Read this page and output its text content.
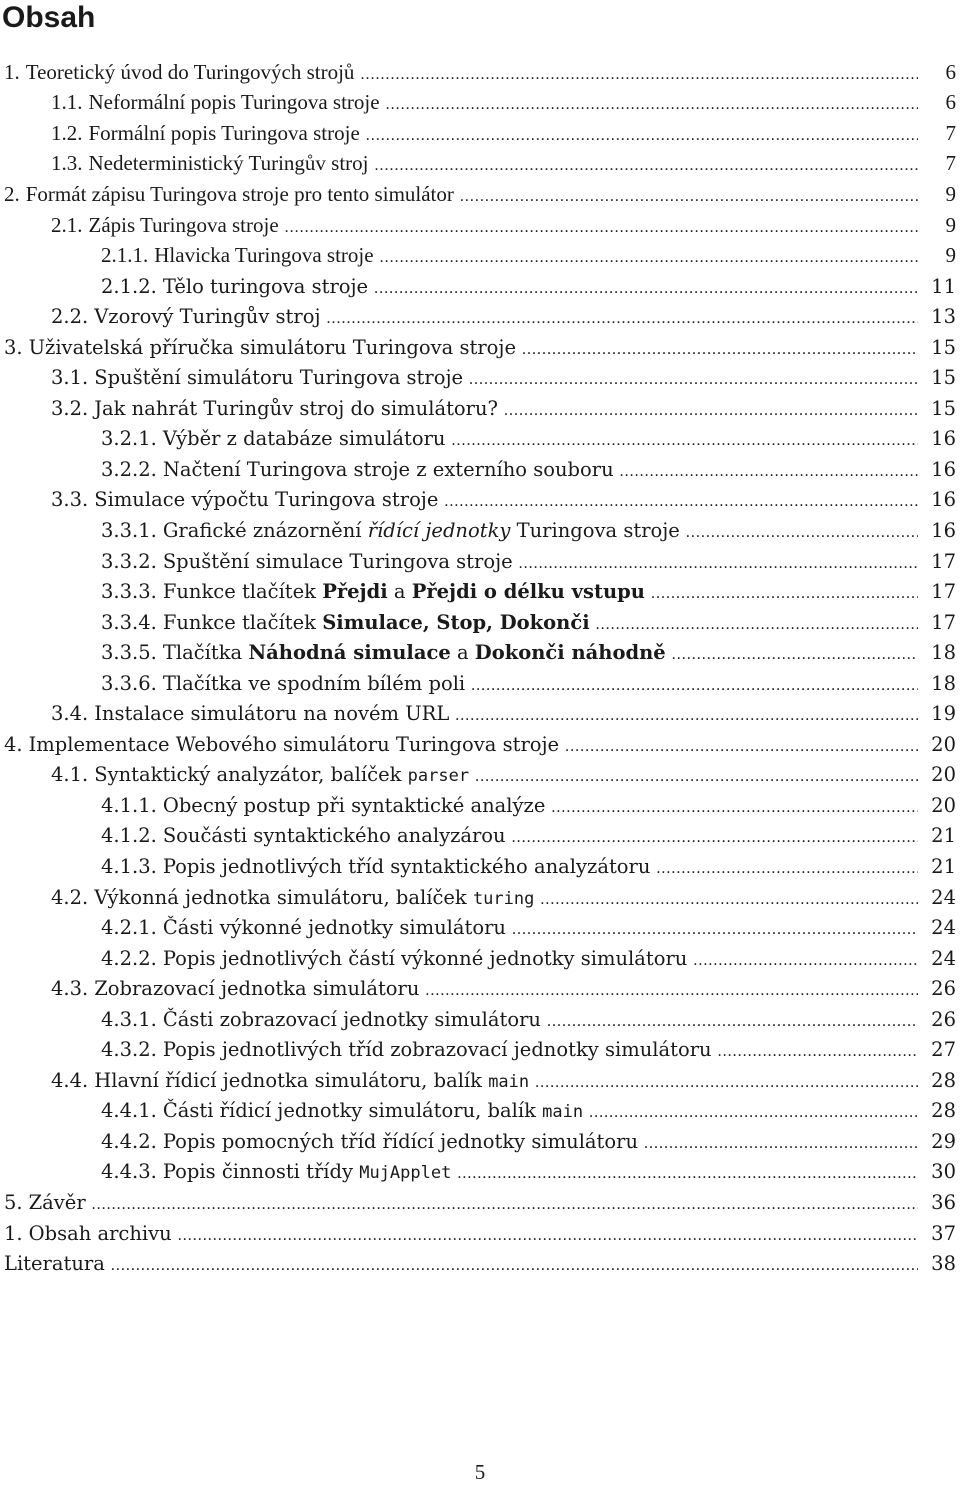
Obsah
1. Teoretický úvod do Turingových strojů .....	6
1.1. Neformální popis Turingova stroje .....	6
1.2. Formální popis Turingova stroje .....	7
1.3. Nedeterministický Turingův stroj .....	7
2. Formát zápisu Turingova stroje pro tento simulátor .....	9
2.1. Zápis Turingova stroje .....	9
2.1.1. Hlavicka Turingova stroje .....	9
2.1.2. Tělo turingova stroje .....	11
2.2. Vzorový Turingův stroj .....	13
3. Uživatelská příručka simulátoru Turingova stroje .....	15
3.1. Spuštění simulátoru Turingova stroje .....	15
3.2. Jak nahrát Turingův stroj do simulátoru? .....	15
3.2.1. Výběr z databáze simulátoru .....	16
3.2.2. Načtení Turingova stroje z externího souboru .....	16
3.3. Simulace výpočtu Turingova stroje .....	16
3.3.1. Grafické znázornění řídící jednotky Turingova stroje .....	16
3.3.2. Spuštění simulace Turingova stroje .....	17
3.3.3. Funkce tlačítek Přejdi a Přejdi o délku vstupu .....	17
3.3.4. Funkce tlačítek Simulace, Stop, Dokonči .....	17
3.3.5. Tlačítka Náhodná simulace a Dokonči náhodně .....	18
3.3.6. Tlačítka ve spodním bílém poli .....	18
3.4. Instalace simulátoru na novém URL .....	19
4. Implementace Webového simulátoru Turingova stroje .....	20
4.1. Syntaktický analyzátor, balíček parser .....	20
4.1.1. Obecný postup při syntaktické analýze .....	20
4.1.2. Součásti syntaktického analyzárou .....	21
4.1.3. Popis jednotlivých tříd syntaktického analyzátoru .....	21
4.2. Výkonná jednotka simulátoru, balíček turing .....	24
4.2.1. Části výkonné jednotky simulátoru .....	24
4.2.2. Popis jednotlivých částí výkonné jednotky simulátoru .....	24
4.3. Zobrazovací jednotka simulátoru .....	26
4.3.1. Části zobrazovací jednotky simulátoru .....	26
4.3.2. Popis jednotlivých tříd zobrazovací jednotky simulátoru .....	27
4.4. Hlavní řídicí jednotka simulátoru, balík main .....	28
4.4.1. Části řídicí jednotky simulátoru, balík main .....	28
4.4.2. Popis pomocných tříd řídící jednotky simulátoru .....	29
4.4.3. Popis činnosti třídy MujApplet .....	30
5. Závěr .....	36
1. Obsah archivu .....	37
Literatura .....	38
5
